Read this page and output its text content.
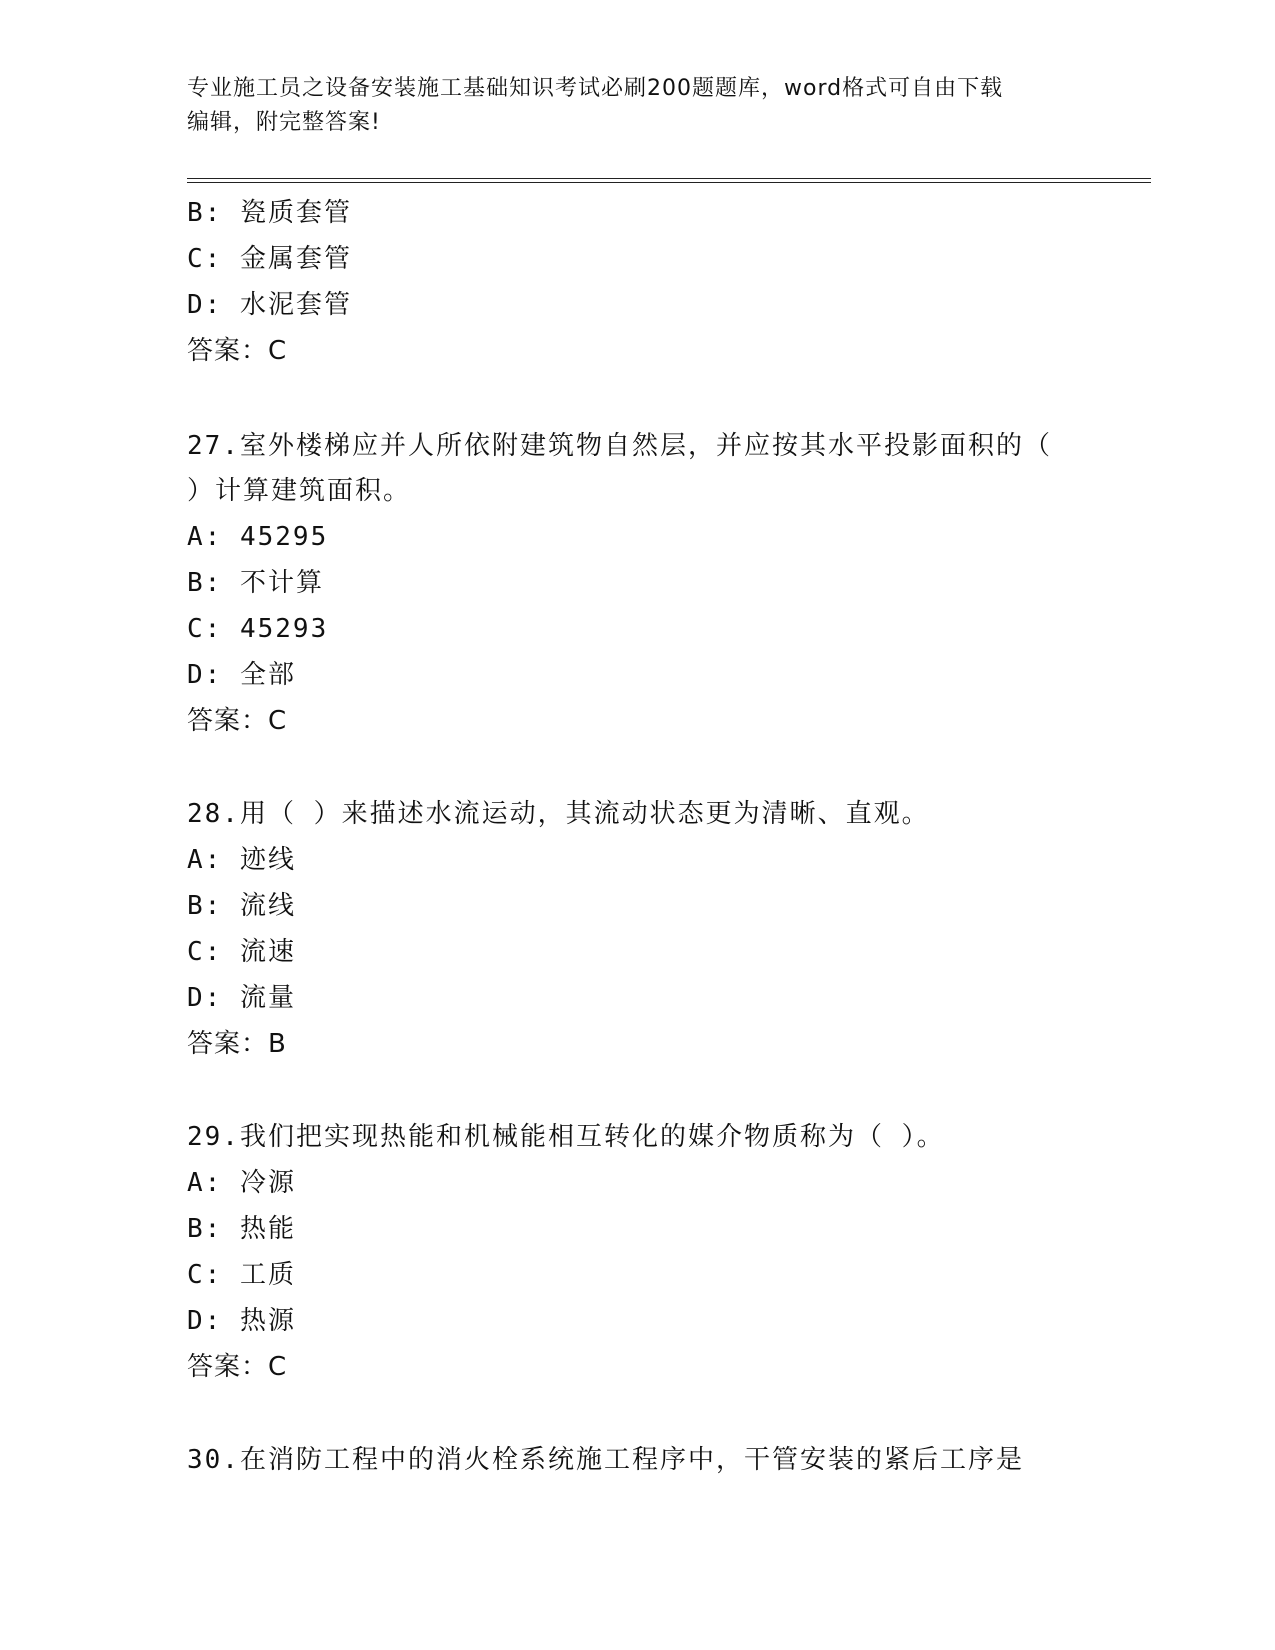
专业施工员之设备安装施工基础知识考试必刷200题题库，word格式可自由下载
编辑，附完整答案!
B: 瓷质套管
C: 金属套管
D: 水泥套管
答案：C
27.室外楼梯应并人所依附建筑物自然层，并应按其水平投影面积的（
）计算建筑面积。
A: 45295
B: 不计算
C: 45293
D: 全部
答案：C
28.用（ ）来描述水流运动，其流动状态更为清晰、直观。
A: 迹线
B: 流线
C: 流速
D: 流量
答案：B
29.我们把实现热能和机械能相互转化的媒介物质称为（ ）。
A: 冷源
B: 热能
C: 工质
D: 热源
答案：C
30.在消防工程中的消火栓系统施工程序中，干管安装的紧后工序是
